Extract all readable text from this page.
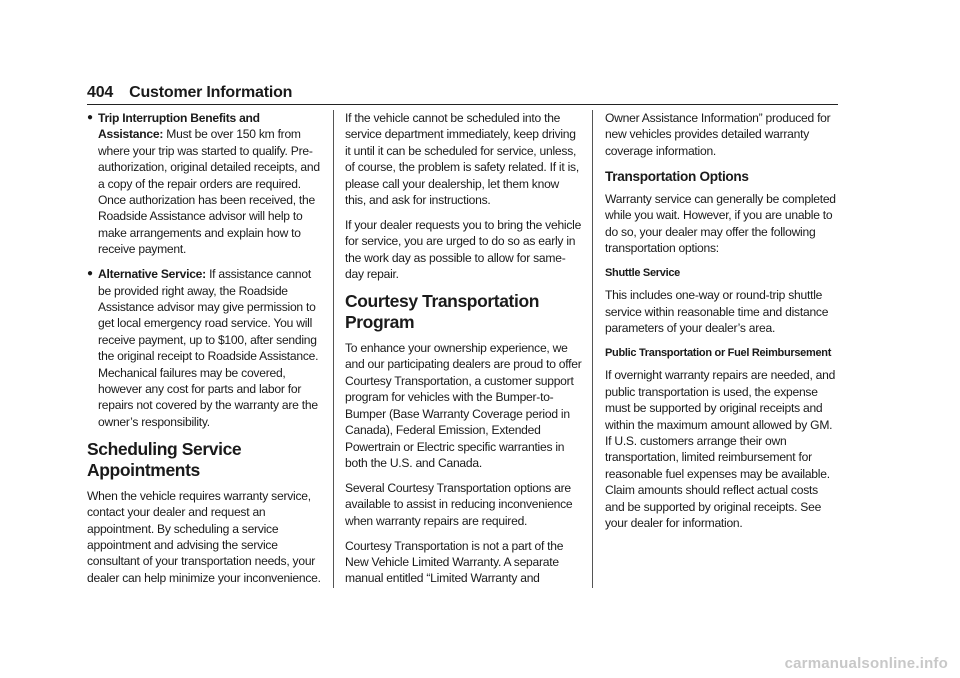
404 Customer Information
● Trip Interruption Benefits and Assistance: Must be over 150 km from where your trip was started to qualify. Pre-authorization, original detailed receipts, and a copy of the repair orders are required. Once authorization has been received, the Roadside Assistance advisor will help to make arrangements and explain how to receive payment.
● Alternative Service: If assistance cannot be provided right away, the Roadside Assistance advisor may give permission to get local emergency road service. You will receive payment, up to $100, after sending the original receipt to Roadside Assistance. Mechanical failures may be covered, however any cost for parts and labor for repairs not covered by the warranty are the owner’s responsibility.
Scheduling Service Appointments

When the vehicle requires warranty service, contact your dealer and request an appointment. By scheduling a service appointment and advising the service consultant of your transportation needs, your dealer can help minimize your inconvenience.

If the vehicle cannot be scheduled into the service department immediately, keep driving it until it can be scheduled for service, unless, of course, the problem is safety related. If it is, please call your dealership, let them know this, and ask for instructions.

If your dealer requests you to bring the vehicle for service, you are urged to do so as early in the work day as possible to allow for same-day repair.

Courtesy Transportation Program

To enhance your ownership experience, we and our participating dealers are proud to offer Courtesy Transportation, a customer support program for vehicles with the Bumper-to-Bumper (Base Warranty Coverage period in Canada), Federal Emission, Extended Powertrain or Electric specific warranties in both the U.S. and Canada.

Several Courtesy Transportation options are available to assist in reducing inconvenience when warranty repairs are required.

Courtesy Transportation is not a part of the New Vehicle Limited Warranty. A separate manual entitled “Limited Warranty and

Owner Assistance Information” produced for new vehicles provides detailed warranty coverage information.

Transportation Options

Warranty service can generally be completed while you wait. However, if you are unable to do so, your dealer may offer the following transportation options:

Shuttle Service

This includes one-way or round-trip shuttle service within reasonable time and distance parameters of your dealer’s area.

Public Transportation or Fuel Reimbursement

If overnight warranty repairs are needed, and public transportation is used, the expense must be supported by original receipts and within the maximum amount allowed by GM. If U.S. customers arrange their own transportation, limited reimbursement for reasonable fuel expenses may be available. Claim amounts should reflect actual costs and be supported by original receipts. See your dealer for information.

carmanualsonline.info
